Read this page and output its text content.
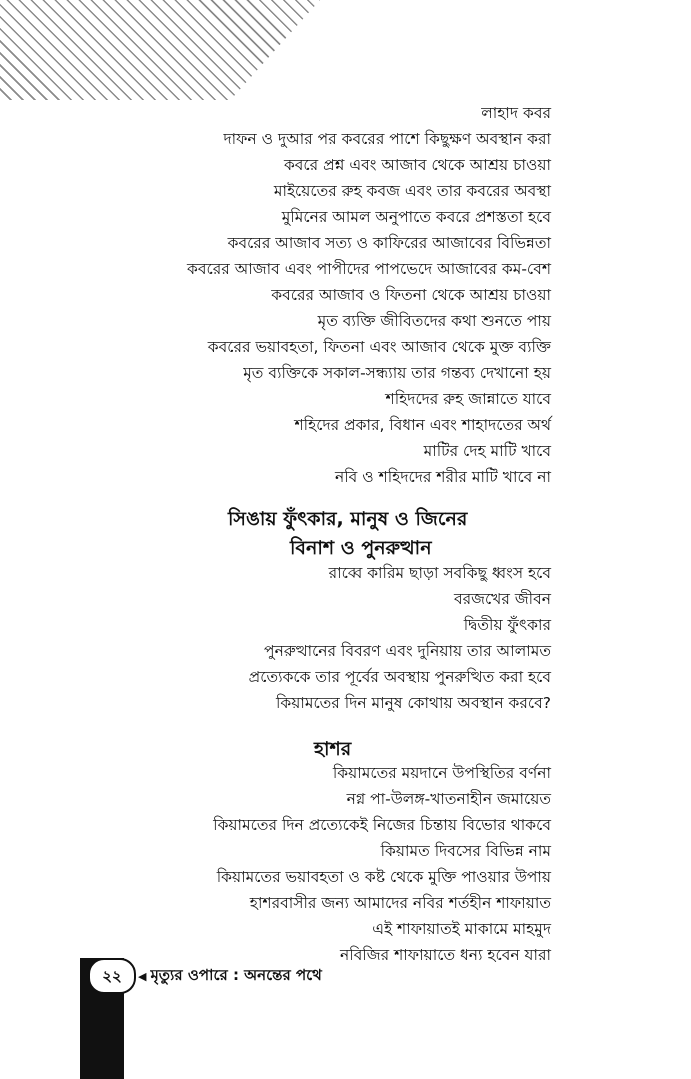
লাহাদ কবর
দাফন ও দুআর পর কবরের পাশে কিছুক্ষণ অবস্থান করা
কবরে প্রশ্ন এবং আজাব থেকে আশ্রয় চাওয়া
মাইয়েতের রুহ কবজ এবং তার কবরের অবস্থা
মুমিনের আমল অনুপাতে কবরে প্রশস্ততা হবে
কবরের আজাব সত্য ও কাফিরের আজাবের বিভিন্নতা
কবরের আজাব এবং পাপীদের পাপভেদে আজাবের কম-বেশ
কবরের আজাব ও ফিতনা থেকে আশ্রয় চাওয়া
মৃত ব্যক্তি জীবিতদের কথা শুনতে পায়
কবরের ভয়াবহতা, ফিতনা এবং আজাব থেকে মুক্ত ব্যক্তি
মৃত ব্যক্তিকে সকাল-সন্ধ্যায় তার গন্তব্য দেখানো হয়
শহিদদের রুহ জান্নাতে যাবে
শহিদের প্রকার, বিধান এবং শাহাদতের অর্থ
মাটির দেহ মাটি খাবে
নবি ও শহিদদের শরীর মাটি খাবে না
সিঙায় ফুঁৎকার, মানুষ ও জিনের
বিনাশ ও পুনরুত্থান
রাব্বে কারিম ছাড়া সবকিছু ধ্বংস হবে
বরজখের জীবন
দ্বিতীয় ফুঁৎকার
পুনরুত্থানের বিবরণ এবং দুনিয়ায় তার আলামত
প্রত্যেককে তার পূর্বের অবস্থায় পুনরুত্থিত করা হবে
কিয়ামতের দিন মানুষ কোথায় অবস্থান করবে?
হাশর
কিয়ামতের ময়দানে উপস্থিতির বর্ণনা
নগ্ন পা-উলঙ্গ-খাতনাহীন জমায়েত
কিয়ামতের দিন প্রত্যেকেই নিজের চিন্তায় বিভোর থাকবে
কিয়ামত দিবসের বিভিন্ন নাম
কিয়ামতের ভয়াবহতা ও কষ্ট থেকে মুক্তি পাওয়ার উপায়
হাশরবাসীর জন্য আমাদের নবির শর্তহীন শাফায়াত
এই শাফায়াতই মাকামে মাহমুদ
নবিজির শাফায়াতে ধন্য হবেন যারা
২২	◀ মৃত্যুর ওপারে : অনন্তের পথে
